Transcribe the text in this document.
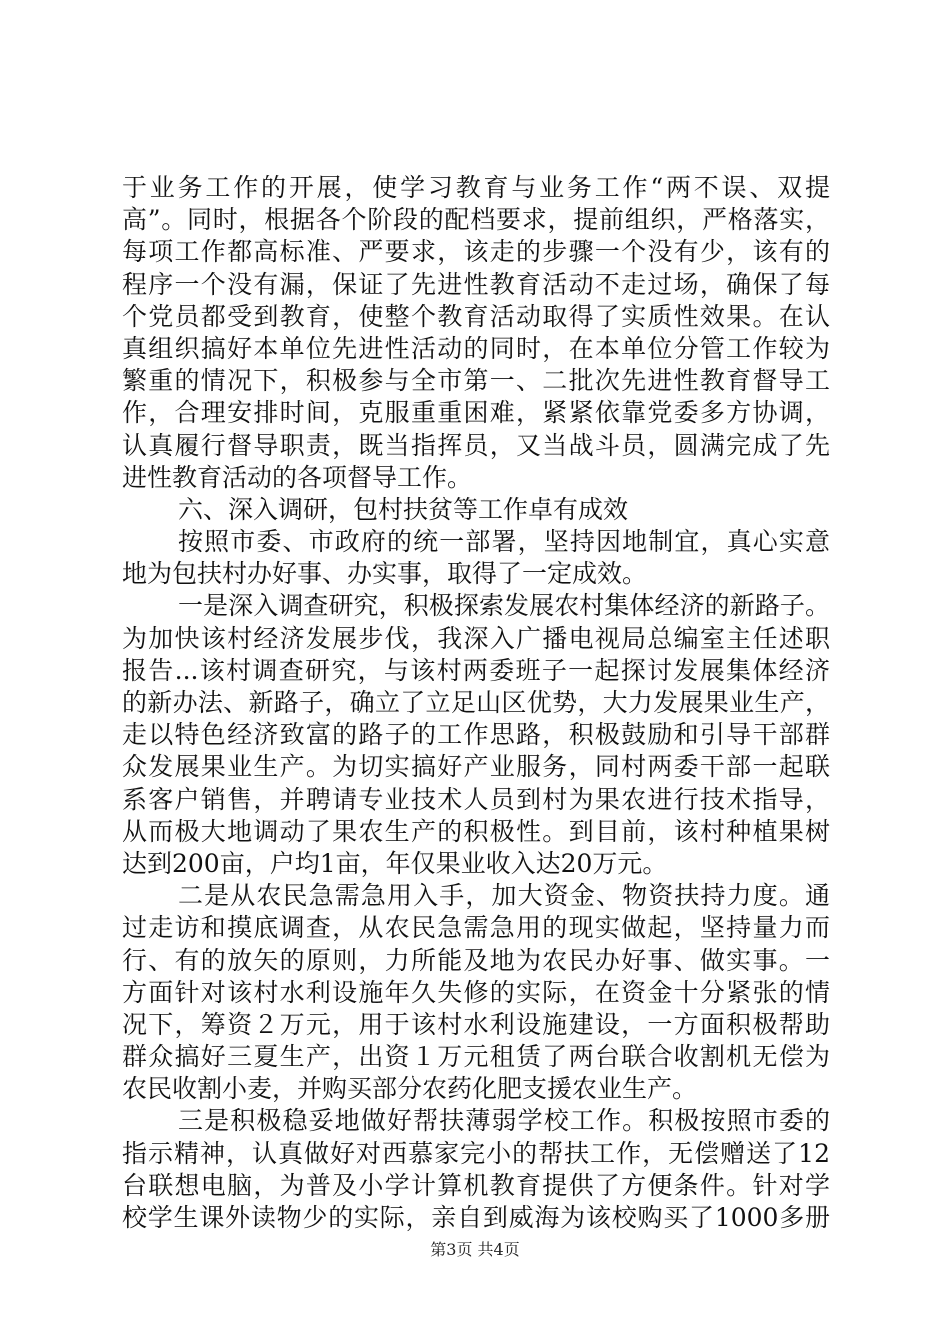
于业务工作的开展，使学习教育与业务工作“两不误、双提
高”。同时，根据各个阶段的配档要求，提前组织，严格落实，
每项工作都高标准、严要求，该走的步骤一个没有少，该有的
程序一个没有漏，保证了先进性教育活动不走过场，确保了每
个党员都受到教育，使整个教育活动取得了实质性效果。在认
真组织搞好本单位先进性活动的同时，在本单位分管工作较为
繁重的情况下，积极参与全市第一、二批次先进性教育督导工
作，合理安排时间，克服重重困难，紧紧依靠党委多方协调，
认真履行督导职责，既当指挥员，又当战斗员，圆满完成了先
进性教育活动的各项督导工作。
六、深入调研，包村扶贫等工作卓有成效
按照市委、市政府的统一部署，坚持因地制宜，真心实意
地为包扶村办好事、办实事，取得了一定成效。
一是深入调查研究，积极探索发展农村集体经济的新路子。
为加快该村经济发展步伐，我深入广播电视局总编室主任述职
报告...该村调查研究，与该村两委班子一起探讨发展集体经济
的新办法、新路子，确立了立足山区优势，大力发展果业生产，
走以特色经济致富的路子的工作思路，积极鼓励和引导干部群
众发展果业生产。为切实搞好产业服务，同村两委干部一起联
系客户销售，并聘请专业技术人员到村为果农进行技术指导，
从而极大地调动了果农生产的积极性。到目前，该村种植果树
达到200亩，户均1亩，年仅果业收入达20万元。
二是从农民急需急用入手，加大资金、物资扶持力度。通
过走访和摸底调查，从农民急需急用的现实做起，坚持量力而
行、有的放矢的原则，力所能及地为农民办好事、做实事。一
方面针对该村水利设施年久失修的实际，在资金十分紧张的情
况下，筹资２万元，用于该村水利设施建设，一方面积极帮助
群众搞好三夏生产，出资１万元租赁了两台联合收割机无偿为
农民收割小麦，并购买部分农药化肥支援农业生产。
三是积极稳妥地做好帮扶薄弱学校工作。积极按照市委的
指示精神，认真做好对西慕家完小的帮扶工作，无偿赠送了12
台联想电脑，为普及小学计算机教育提供了方便条件。针对学
校学生课外读物少的实际，亲自到威海为该校购买了1000多册
第3页 共4页
